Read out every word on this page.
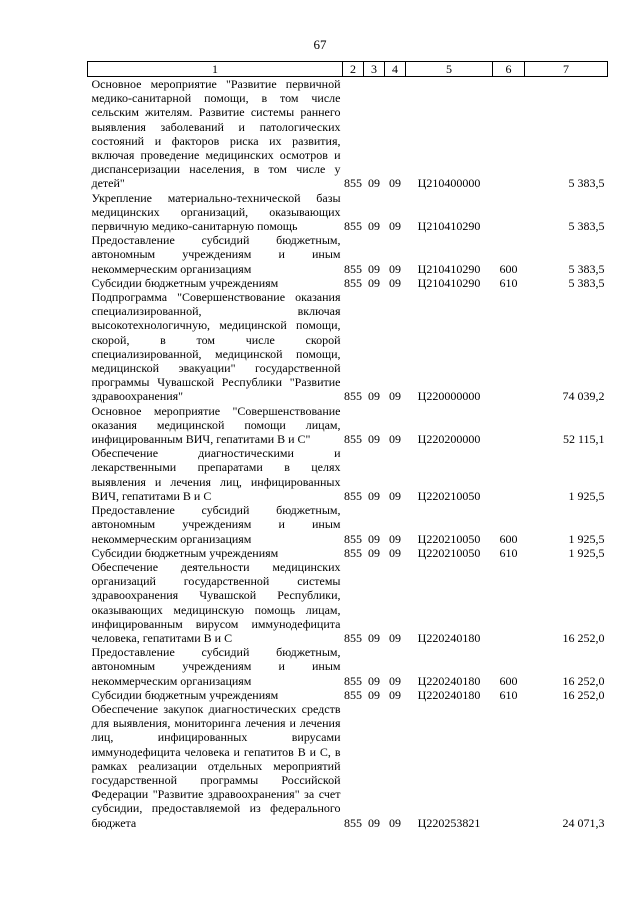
67
1	2	3	4	5	6	7
Основное мероприятие "Развитие первичной медико-санитарной помощи, в том числе сельским жителям. Развитие системы раннего выявления заболеваний и патологических состояний и факторов риска их развития, включая проведение медицинских осмотров и диспансеризации населения, в том числе у детей"	855	09	09	Ц210400000		5 383,5
Укрепление материально-технической базы медицинских организаций, оказывающих первичную медико-санитарную помощь	855	09	09	Ц210410290		5 383,5
Предоставление субсидий бюджетным, автономным учреждениям и иным некоммерческим организациям	855	09	09	Ц210410290	600	5 383,5
Субсидии бюджетным учреждениям	855	09	09	Ц210410290	610	5 383,5
Подпрограмма "Совершенствование оказания специализированной, включая высокотехнологичную, медицинской помощи, скорой, в том числе скорой специализированной, медицинской помощи, медицинской эвакуации" государственной программы Чувашской Республики "Развитие здравоохранения"	855	09	09	Ц220000000		74 039,2
Основное мероприятие "Совершенствование оказания медицинской помощи лицам, инфицированным ВИЧ, гепатитами В и С"	855	09	09	Ц220200000		52 115,1
Обеспечение диагностическими и лекарственными препаратами в целях выявления и лечения лиц, инфицированных ВИЧ, гепатитами В и С	855	09	09	Ц220210050		1 925,5
Предоставление субсидий бюджетным, автономным учреждениям и иным некоммерческим организациям	855	09	09	Ц220210050	600	1 925,5
Субсидии бюджетным учреждениям	855	09	09	Ц220210050	610	1 925,5
Обеспечение деятельности медицинских организаций государственной системы здравоохранения Чувашской Республики, оказывающих медицинскую помощь лицам, инфицированным вирусом иммунодефицита человека, гепатитами В и С	855	09	09	Ц220240180		16 252,0
Предоставление субсидий бюджетным, автономным учреждениям и иным некоммерческим организациям	855	09	09	Ц220240180	600	16 252,0
Субсидии бюджетным учреждениям	855	09	09	Ц220240180	610	16 252,0
Обеспечение закупок диагностических средств для выявления, мониторинга лечения и лечения лиц, инфицированных вирусами иммунодефицита человека и гепатитов В и С, в рамках реализации отдельных мероприятий государственной программы Российской Федерации "Развитие здравоохранения" за счет субсидии, предоставляемой из федерального бюджета	855	09	09	Ц220253821		24 071,3
